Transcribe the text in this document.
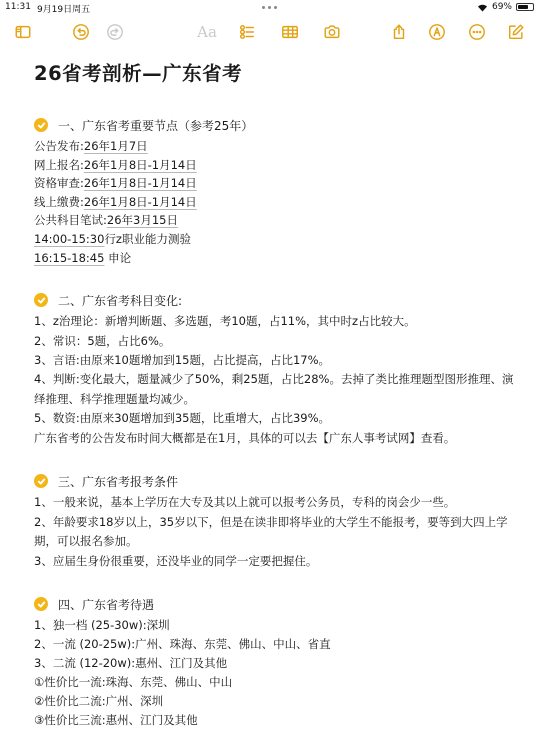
11:31 9月19日周五	69%
Aa
26省考剖析—广东省考
一、广东省考重要节点（参考25年）
公告发布:26年1月7日
网上报名:26年1月8日-1月14日
资格审查:26年1月8日-1月14日
线上缴费:26年1月8日-1月14日
公共科目笔试:26年3月15日
14:00-15:30行z职业能力测验
16:15-18:45 申论
二、广东省考科目变化:
1、z治理论：新增判断题、多选题，考10题，占11%，其中时z占比较大。
2、常识：5题，占比6%。
3、言语:由原来10题增加到15题，占比提高，占比17%。
4、判断:变化最大，题量减少了50%，剩25题，占比28%。去掉了类比推理题型图形推理、演绎推理、科学推理题量均减少。
5、数资:由原来30题增加到35题，比重增大，占比39%。
广东省考的公告发布时间大概都是在1月，具体的可以去【广东人事考试网】查看。
三、广东省考报考条件
1、一般来说，基本上学历在大专及其以上就可以报考公务员，专科的岗会少一些。
2、年龄要求18岁以上，35岁以下，但是在读非即将毕业的大学生不能报考，要等到大四上学期，可以报名参加。
3、应届生身份很重要，还没毕业的同学一定要把握住。
四、广东省考待遇
1、独一档 (25-30w):深圳
2、一流 (20-25w):广州、珠海、东莞、佛山、中山、省直
3、二流 (12-20w):惠州、江门及其他
①性价比一流:珠海、东莞、佛山、中山
②性价比二流:广州、深圳
③性价比三流:惠州、江门及其他
